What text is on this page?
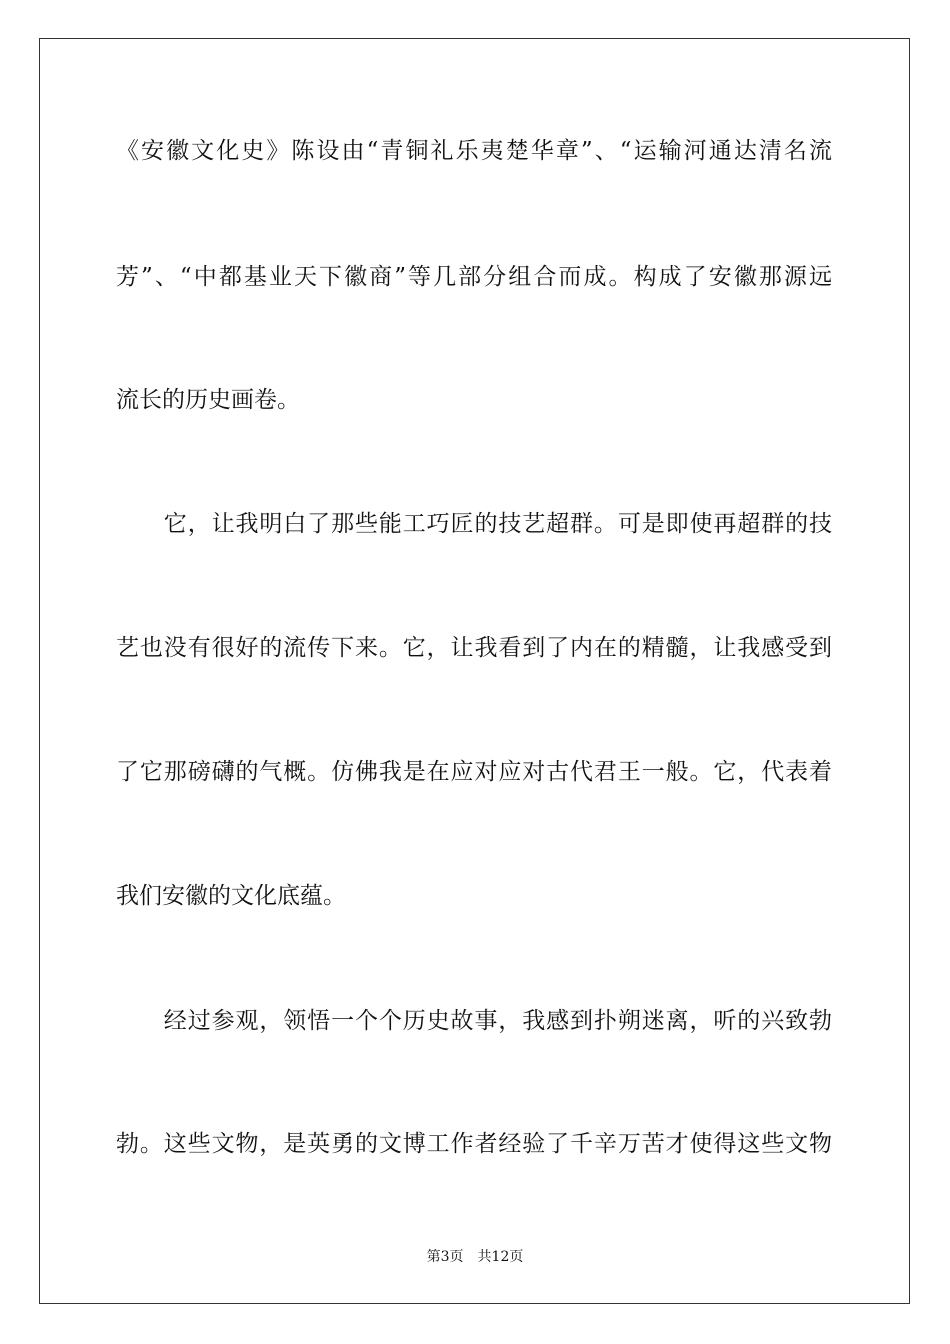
《安徽文化史》陈设由“青铜礼乐夷楚华章”、“运输河通达清名流
芳”、“中都基业天下徽商”等几部分组合而成。构成了安徽那源远
流长的历史画卷。
　　它，让我明白了那些能工巧匠的技艺超群。可是即使再超群的技
艺也没有很好的流传下来。它，让我看到了内在的精髓，让我感受到
了它那磅礴的气概。仿佛我是在应对应对古代君王一般。它，代表着
我们安徽的文化底蕴。
　　经过参观，领悟一个个历史故事，我感到扑朔迷离，听的兴致勃
勃。这些文物，是英勇的文博工作者经验了千辛万苦才使得这些文物
第3页 共12页
